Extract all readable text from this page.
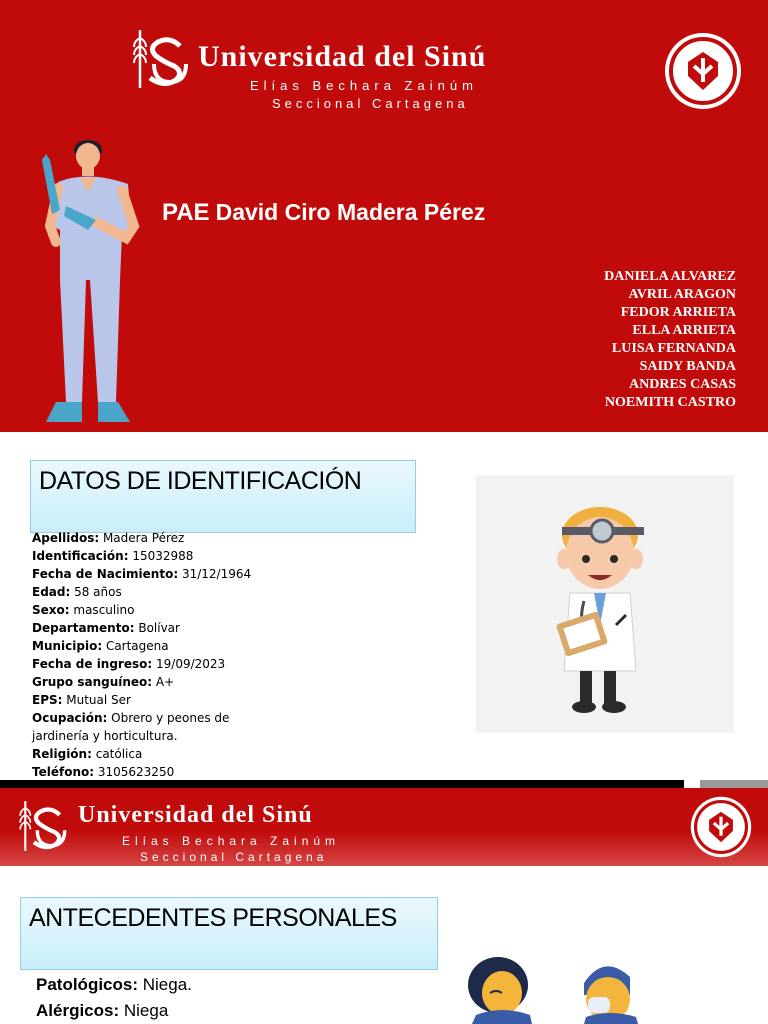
Universidad del Sinú
Elías Bechara Zainúm
Seccional Cartagena
PAE David Ciro Madera Pérez
DANIELA ALVAREZ
AVRIL ARAGON
FEDOR ARRIETA
ELLA ARRIETA
LUISA FERNANDA
SAIDY BANDA
ANDRES CASAS
NOEMITH CASTRO
DATOS DE IDENTIFICACIÓN
Apellidos: Madera Pérez
Identificación: 15032988
Fecha de Nacimiento: 31/12/1964
Edad: 58 años
Sexo: masculino
Departamento: Bolívar
Municipio: Cartagena
Fecha de ingreso: 19/09/2023
Grupo sanguíneo: A+
EPS: Mutual Ser
Ocupación: Obrero y peones de jardinería y horticultura.
Religión: católica
Teléfono: 3105623250
Universidad del Sinú
Elías Bechara Zainúm
Seccional Cartagena
ANTECEDENTES PERSONALES
Patológicos: Niega.
Alérgicos: Niega
